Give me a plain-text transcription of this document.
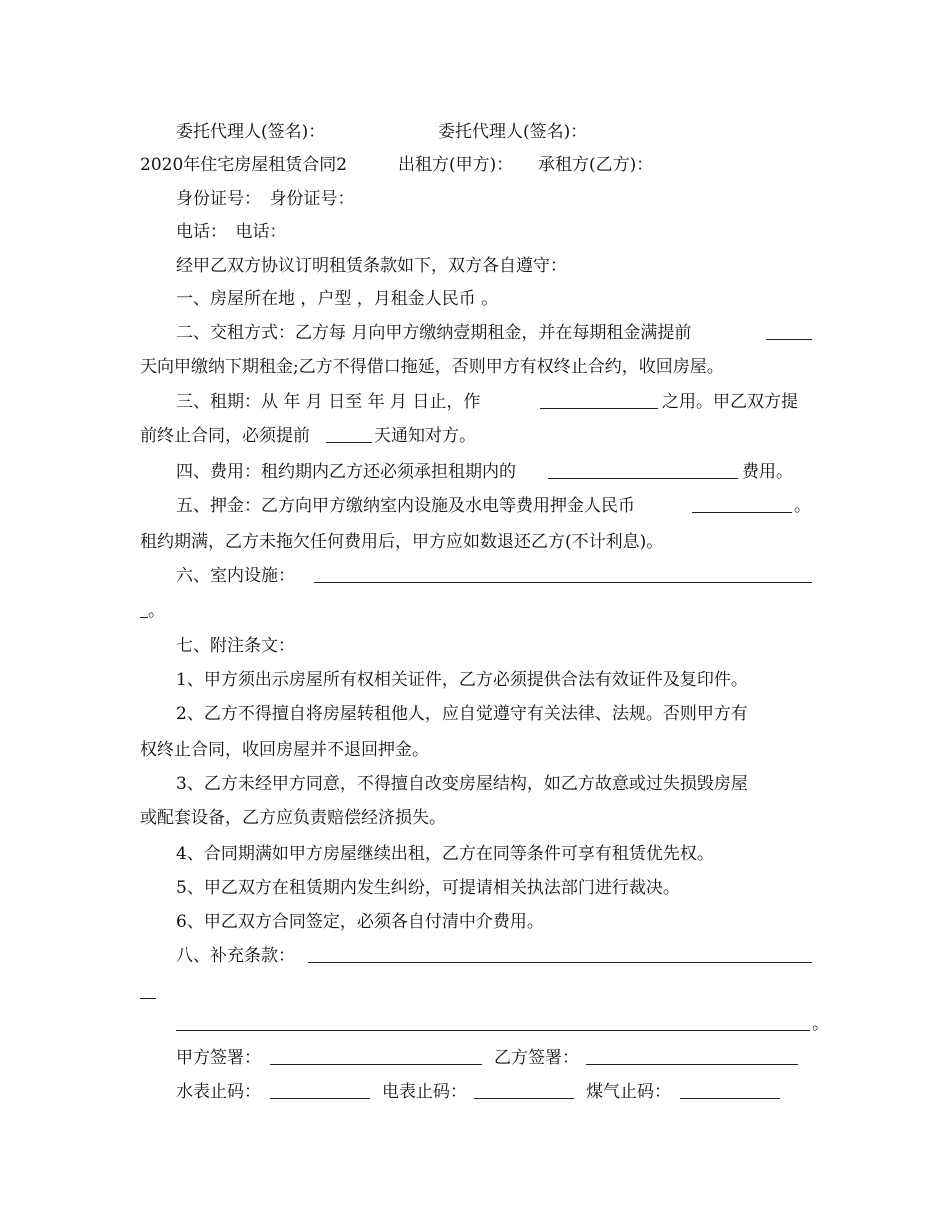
委托代理人(签名)：	委托代理人(签名)：
2020年住宅房屋租赁合同2	出租方(甲方)： 承租方(乙方)：
身份证号：　身份证号：
电话：　电话：
经甲乙双方协议订明租赁条款如下，双方各自遵守：
一、房屋所在地 ，户型 ，月租金人民币 。
二、交租方式：乙方每 月向甲方缴纳壹期租金，并在每期租金满提前
天向甲缴纳下期租金;乙方不得借口拖延，否则甲方有权终止合约，收回房屋。
三、租期：从 年 月 日至 年 月 日止，作	之用。甲乙双方提
前终止合同，必须提前	天通知对方。
四、费用：租约期内乙方还必须承担租期内的	费用。
五、押金：乙方向甲方缴纳室内设施及水电等费用押金人民币	。
租约期满，乙方未拖欠任何费用后，甲方应如数退还乙方(不计利息)。
六、室内设施：
。
七、附注条文：
1、甲方须出示房屋所有权相关证件，乙方必须提供合法有效证件及复印件。
2、乙方不得擅自将房屋转租他人，应自觉遵守有关法律、法规。否则甲方有
权终止合同，收回房屋并不退回押金。
3、乙方未经甲方同意，不得擅自改变房屋结构，如乙方故意或过失损毁房屋
或配套设备，乙方应负责赔偿经济损失。
4、合同期满如甲方房屋继续出租，乙方在同等条件可享有租赁优先权。
5、甲乙双方在租赁期内发生纠纷，可提请相关执法部门进行裁决。
6、甲乙双方合同签定，必须各自付清中介费用。
八、补充条款：
。
甲方签署：	乙方签署：
水表止码：	电表止码：	煤气止码：
